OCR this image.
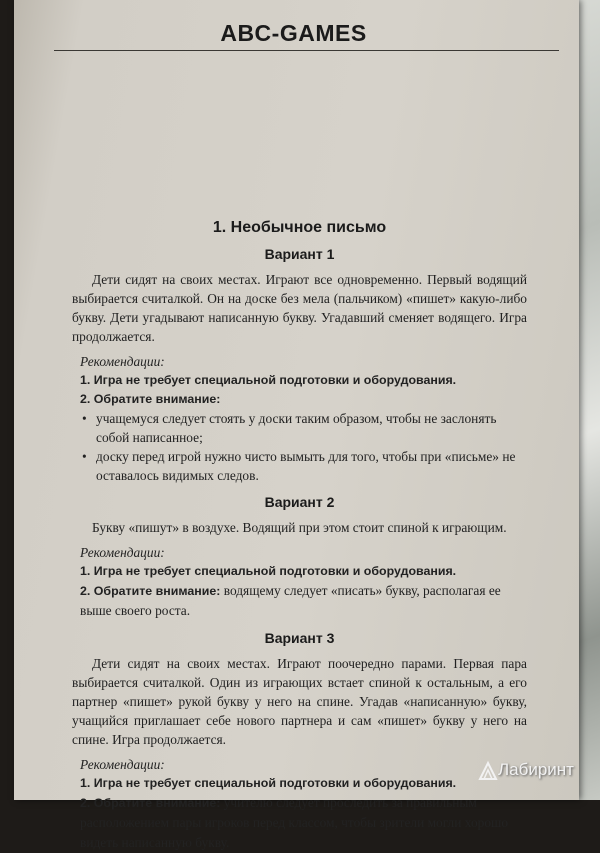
ABC-GAMES
1. Необычное письмо
Вариант 1

Дети сидят на своих местах. Играют все одновременно. Первый водящий выбирается считалкой. Он на доске без мела (пальчиком) «пишет» какую-либо букву. Дети угадывают написанную букву. Угадавший сменяет водящего. Игра продолжается.

Рекомендации:
1. Игра не требует специальной подготовки и оборудования.
2. Обратите внимание:
• учащемуся следует стоять у доски таким образом, чтобы не заслонять собой написанное;
• доску перед игрой нужно чисто вымыть для того, чтобы при «письме» не оставалось видимых следов.
Вариант 2

Букву «пишут» в воздухе. Водящий при этом стоит спиной к играющим.

Рекомендации:
1. Игра не требует специальной подготовки и оборудования.
2. Обратите внимание: водящему следует «писать» букву, располагая ее выше своего роста.
Вариант 3

Дети сидят на своих местах. Играют поочередно парами. Первая пара выбирается считалкой. Один из играющих встает спиной к остальным, а его партнер «пишет» рукой букву у него на спине. Угадав «написанную» букву, учащийся приглашает себе нового партнера и сам «пишет» букву у него на спине. Игра продолжается.

Рекомендации:
1. Игра не требует специальной подготовки и оборудования.
2. Обратите внимание: учителю следует проследить за правильным расположением пары игроков перед классом, чтобы зрители могли хорошо видеть написанную букву.
Лабиринт
